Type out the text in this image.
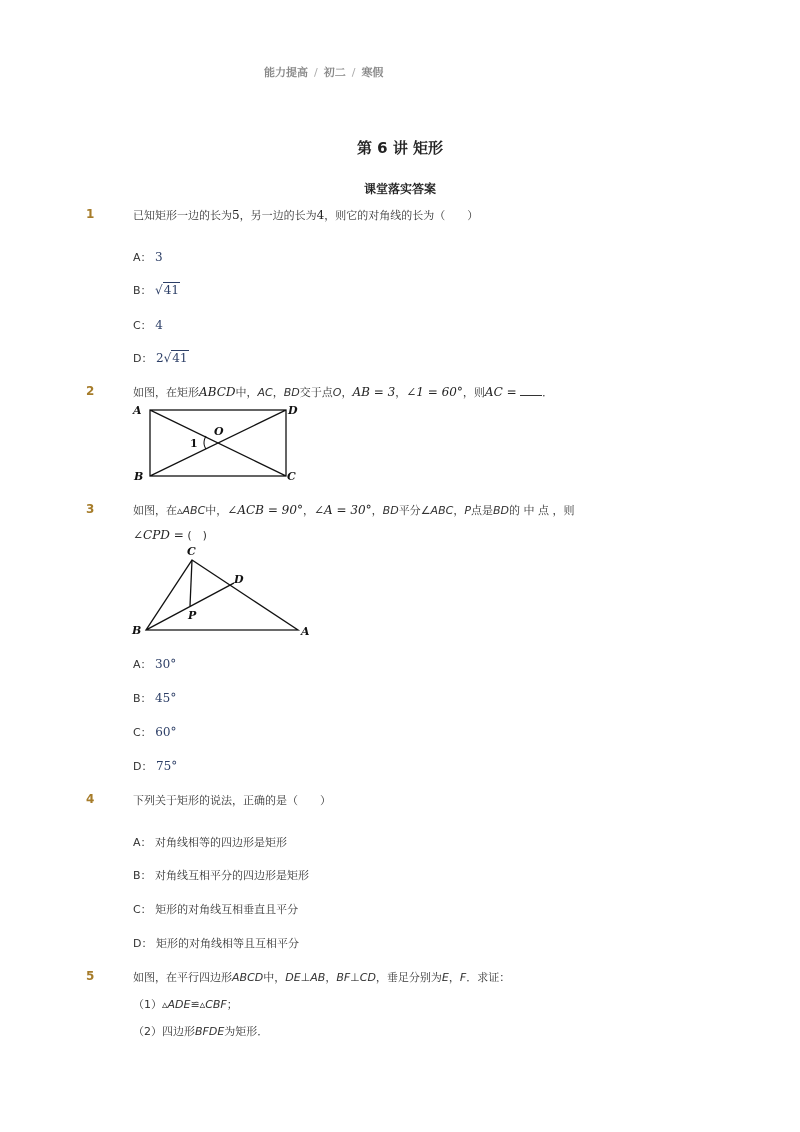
能力提高 / 初二 / 寒假
第 6 讲 矩形
课堂落实答案
1	已知矩形一边的长为5，另一边的长为4，则它的对角线的长为（　　）
A： 3
B： √41
C： 4
D： 2√41
2	如图，在矩形ABCD中，AC，BD交于点O，AB = 3，∠1 = 60°，则AC = ．
A	D
B	C
O
1
3	如图，在▵ABC中，∠ACB = 90°，∠A = 30°，BD平分∠ABC，P点是BD的 中 点 ，则
∠CPD = (　)
C
B	A
D
P
A： 30°
B： 45°
C： 60°
D： 75°
4	下列关于矩形的说法，正确的是（　　）
A： 对角线相等的四边形是矩形
B： 对角线互相平分的四边形是矩形
C： 矩形的对角线互相垂直且平分
D： 矩形的对角线相等且互相平分
5	如图，在平行四边形ABCD中，DE⊥AB，BF⊥CD，垂足分别为E，F．求证：
（1）▵ADE≌▵CBF；
（2）四边形BFDE为矩形．
